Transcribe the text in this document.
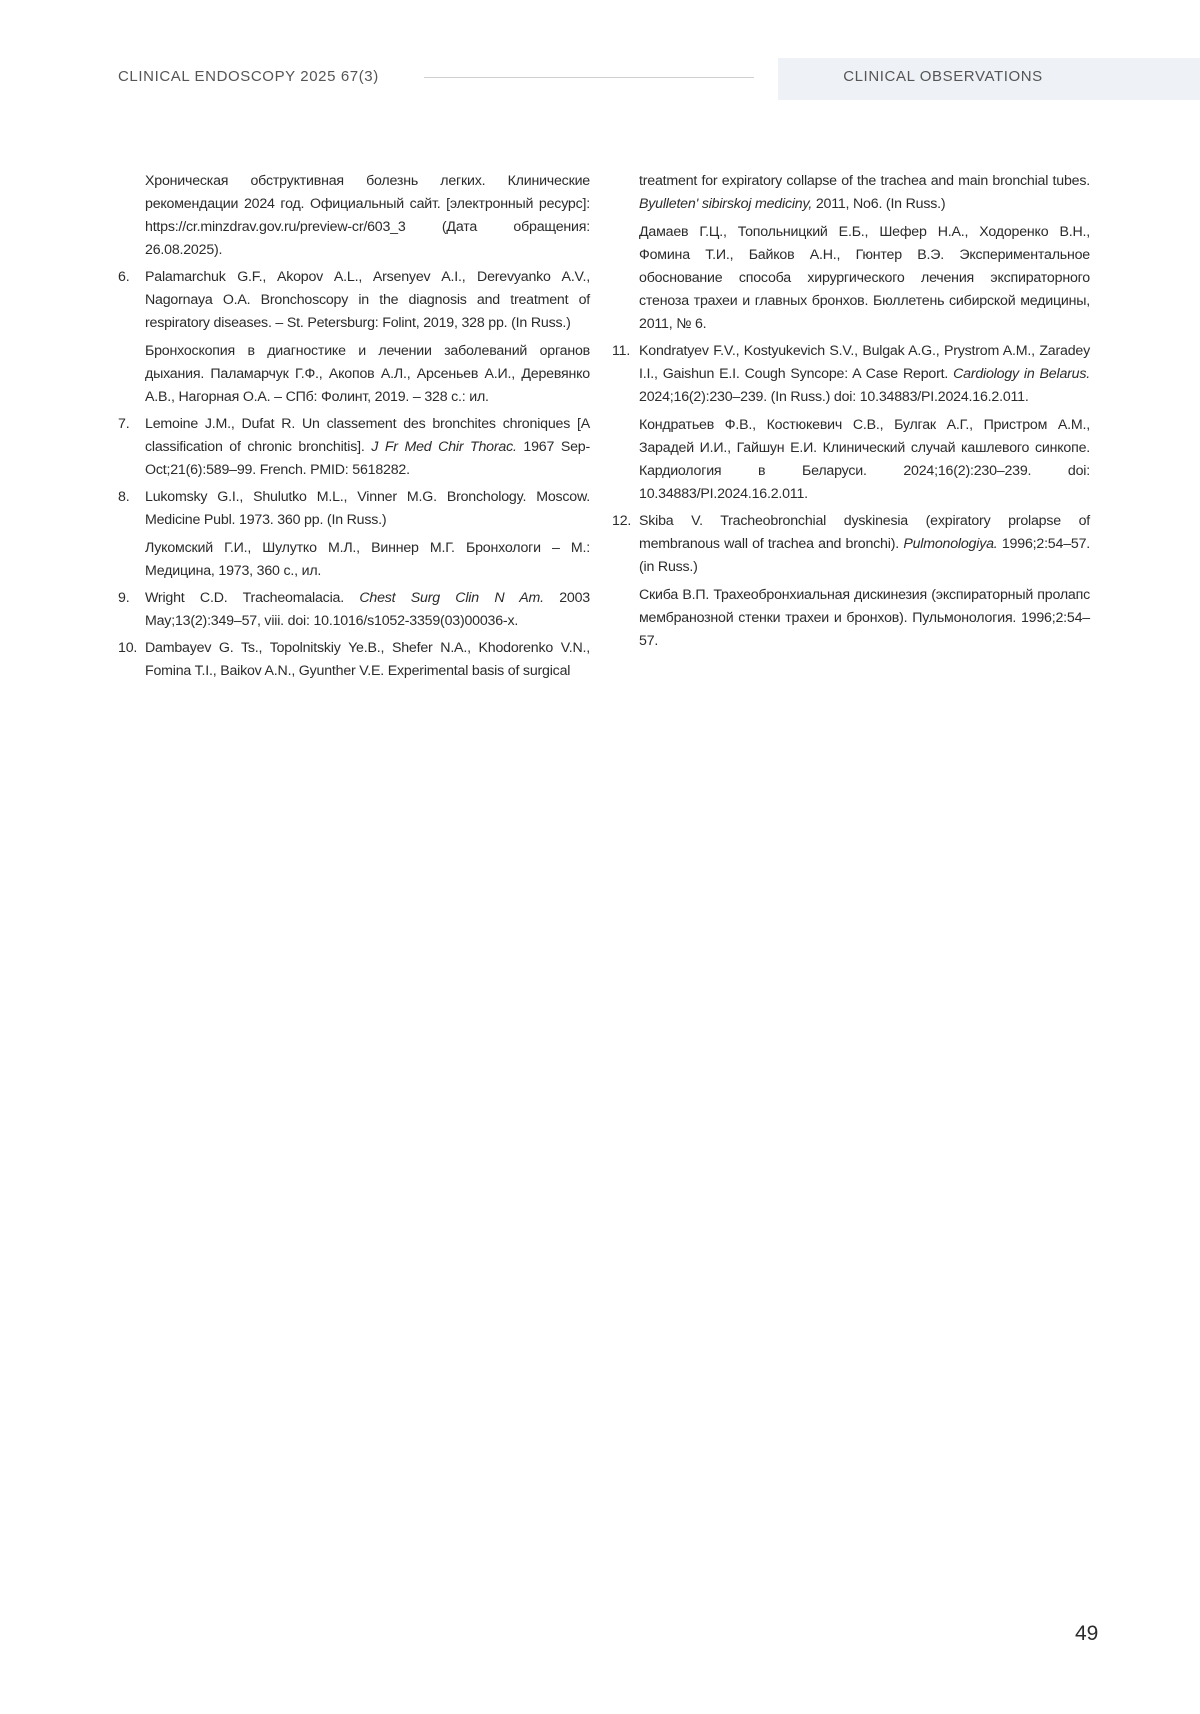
CLINICAL ENDOSCOPY 2025 67(3)	CLINICAL OBSERVATIONS

Хроническая обструктивная болезнь легких. Клинические рекомендации 2024 год. Официальный сайт. [электронный ресурс]: https://cr.minzdrav.gov.ru/preview-cr/603_3 (Дата обращения: 26.08.2025).

6. Palamarchuk G.F., Akopov A.L., Arsenyev A.I., Derevyanko A.V., Nagornaya O.A. Bronchoscopy in the diagnosis and treatment of respiratory diseases. – St. Petersburg: Folint, 2019, 328 pp. (In Russ.)

Бронхоскопия в диагностике и лечении заболеваний органов дыхания. Паламарчук Г.Ф., Акопов А.Л., Арсеньев А.И., Деревянко А.В., Нагорная О.А. – СПб: Фолинт, 2019. – 328 с.: ил.

7. Lemoine J.M., Dufat R. Un classement des bronchites chroniques [A classification of chronic bronchitis]. J Fr Med Chir Thorac. 1967 Sep-Oct;21(6):589–99. French. PMID: 5618282.

8. Lukomsky G.I., Shulutko M.L., Vinner M.G. Bronchology. Moscow. Medicine Publ. 1973. 360 pp. (In Russ.)

Лукомский Г.И., Шулутко М.Л., Виннер М.Г. Бронхологи – М.: Медицина, 1973, 360 с., ил.

9. Wright C.D. Tracheomalacia. Chest Surg Clin N Am. 2003 May;13(2):349–57, viii. doi: 10.1016/s1052-3359(03)00036-x.

10. Dambayev G. Ts., Topolnitskiy Ye.B., Shefer N.A., Khodorenko V.N., Fomina T.I., Baikov A.N., Gyunther V.E. Experimental basis of surgical

treatment for expiratory collapse of the trachea and main bronchial tubes. Byulleten' sibirskoj mediciny, 2011, No6. (In Russ.)

Дамаев Г.Ц., Топольницкий Е.Б., Шефер Н.А., Ходоренко В.Н., Фомина Т.И., Байков А.Н., Гюнтер В.Э. Экспериментальное обоснование способа хирургического лечения экспираторного стеноза трахеи и главных бронхов. Бюллетень сибирской медицины, 2011, № 6.

11. Kondratyev F.V., Kostyukevich S.V., Bulgak A.G., Prystrom A.M., Zaradey I.I., Gaishun E.I. Cough Syncope: A Case Report. Cardiology in Belarus. 2024;16(2):230–239. (In Russ.) doi: 10.34883/PI.2024.16.2.011.

Кондратьев Ф.В., Костюкевич С.В., Булгак А.Г., Пристром А.М., Зарадей И.И., Гайшун Е.И. Клинический случай кашлевого синкопе. Кардиология в Беларуси. 2024;16(2):230–239. doi: 10.34883/PI.2024.16.2.011.

12. Skiba V. Tracheobronchial dyskinesia (expiratory prolapse of membranous wall of trachea and bronchi). Pulmonologiya. 1996;2:54–57. (in Russ.)

Скиба В.П. Трахеобронхиальная дискинезия (экспираторный пролапс мембранозной стенки трахеи и бронхов). Пульмонология. 1996;2:54–57.

49
